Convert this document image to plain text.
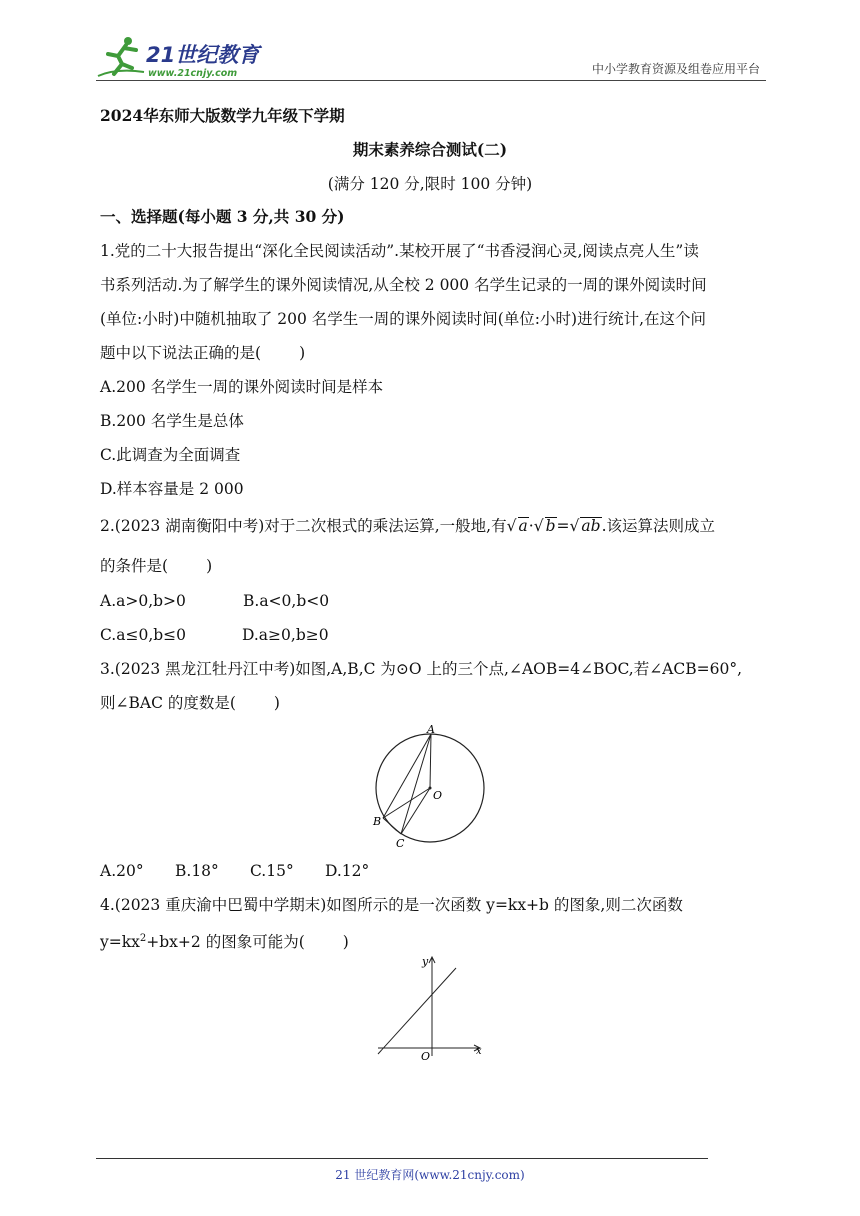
21世纪教育
www.21cnjy.com	中小学教育资源及组卷应用平台
2024华东师大版数学九年级下学期
期末素养综合测试(二)
(满分 120 分,限时 100 分钟)
一、选择题(每小题 3 分,共 30 分)
1.党的二十大报告提出“深化全民阅读活动”.某校开展了“书香浸润心灵,阅读点亮人生”读
书系列活动.为了解学生的课外阅读情况,从全校 2 000 名学生记录的一周的课外阅读时间
(单位:小时)中随机抽取了 200 名学生一周的课外阅读时间(单位:小时)进行统计,在这个问
题中以下说法正确的是( )
A.200 名学生一周的课外阅读时间是样本
B.200 名学生是总体
C.此调查为全面调查
D.样本容量是 2 000
2.(2023 湖南衡阳中考)对于二次根式的乘法运算,一般地,有√ a·√ b=√ ab.该运算法则成立
的条件是( )
A.a>0,b>0	B.a<0,b<0
C.a≤0,b≤0	D.a≥0,b≥0
3.(2023 黑龙江牡丹江中考)如图,A,B,C 为⊙O 上的三个点,∠AOB=4∠BOC,若∠ACB=60°,
则∠BAC 的度数是( )
A
O
B
C
A.20° B.18° C.15° D.12°
4.(2023 重庆渝中巴蜀中学期末)如图所示的是一次函数 y=kx+b 的图象,则二次函数
$y=kx^2+bx+2$ 的图象可能为( )
y
x
O
21 世纪教育网(www.21cnjy.com)
